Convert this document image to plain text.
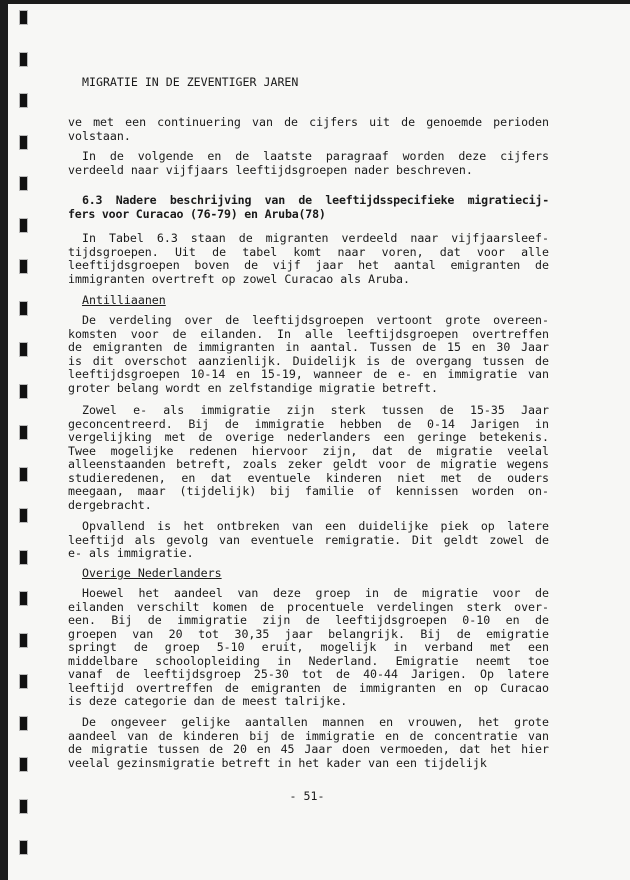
MIGRATIE IN DE ZEVENTIGER JAREN
ve met een continuering van de cijfers uit de genoemde perioden
volstaan.
In de volgende en de laatste paragraaf worden deze cijfers
verdeeld naar vijfjaars leeftijdsgroepen nader beschreven.
6.3 Nadere beschrijving van de leeftijdsspecifieke migratiecij-
fers voor Curacao (76-79) en Aruba(78)
In Tabel 6.3 staan de migranten verdeeld naar vijfjaarsleef-
tijdsgroepen. Uit de tabel komt naar voren, dat voor alle
leeftijdsgroepen boven de vijf jaar het aantal emigranten de
immigranten overtreft op zowel Curacao als Aruba.
Antilliaanen
De verdeling over de leeftijdsgroepen vertoont grote overeen-
komsten voor de eilanden. In alle leeftijdsgroepen overtreffen
de emigranten de immigranten in aantal. Tussen de 15 en 30 Jaar
is dit overschot aanzienlijk. Duidelijk is de overgang tussen de
leeftijdsgroepen 10-14 en 15-19, wanneer de e- en immigratie van
groter belang wordt en zelfstandige migratie betreft.
Zowel e- als immigratie zijn sterk tussen de 15-35 Jaar
geconcentreerd. Bij de immigratie hebben de 0-14 Jarigen in
vergelijking met de overige nederlanders een geringe betekenis.
Twee mogelijke redenen hiervoor zijn, dat de migratie veelal
alleenstaanden betreft, zoals zeker geldt voor de migratie wegens
studieredenen, en dat eventuele kinderen niet met de ouders
meegaan, maar (tijdelijk) bij familie of kennissen worden on-
dergebracht.
Opvallend is het ontbreken van een duidelijke piek op latere
leeftijd als gevolg van eventuele remigratie. Dit geldt zowel de
e- als immigratie.
Overige Nederlanders
Hoewel het aandeel van deze groep in de migratie voor de
eilanden verschilt komen de procentuele verdelingen sterk over-
een. Bij de immigratie zijn de leeftijdsgroepen 0-10 en de
groepen van 20 tot 30,35 jaar belangrijk. Bij de emigratie
springt de groep 5-10 eruit, mogelijk in verband met een
middelbare schoolopleiding in Nederland. Emigratie neemt toe
vanaf de leeftijdsgroep 25-30 tot de 40-44 Jarigen. Op latere
leeftijd overtreffen de emigranten de immigranten en op Curacao
is deze categorie dan de meest talrijke.
De ongeveer gelijke aantallen mannen en vrouwen, het grote
aandeel van de kinderen bij de immigratie en de concentratie van
de migratie tussen de 20 en 45 Jaar doen vermoeden, dat het hier
veelal gezinsmigratie betreft in het kader van een tijdelijk
- 51-
